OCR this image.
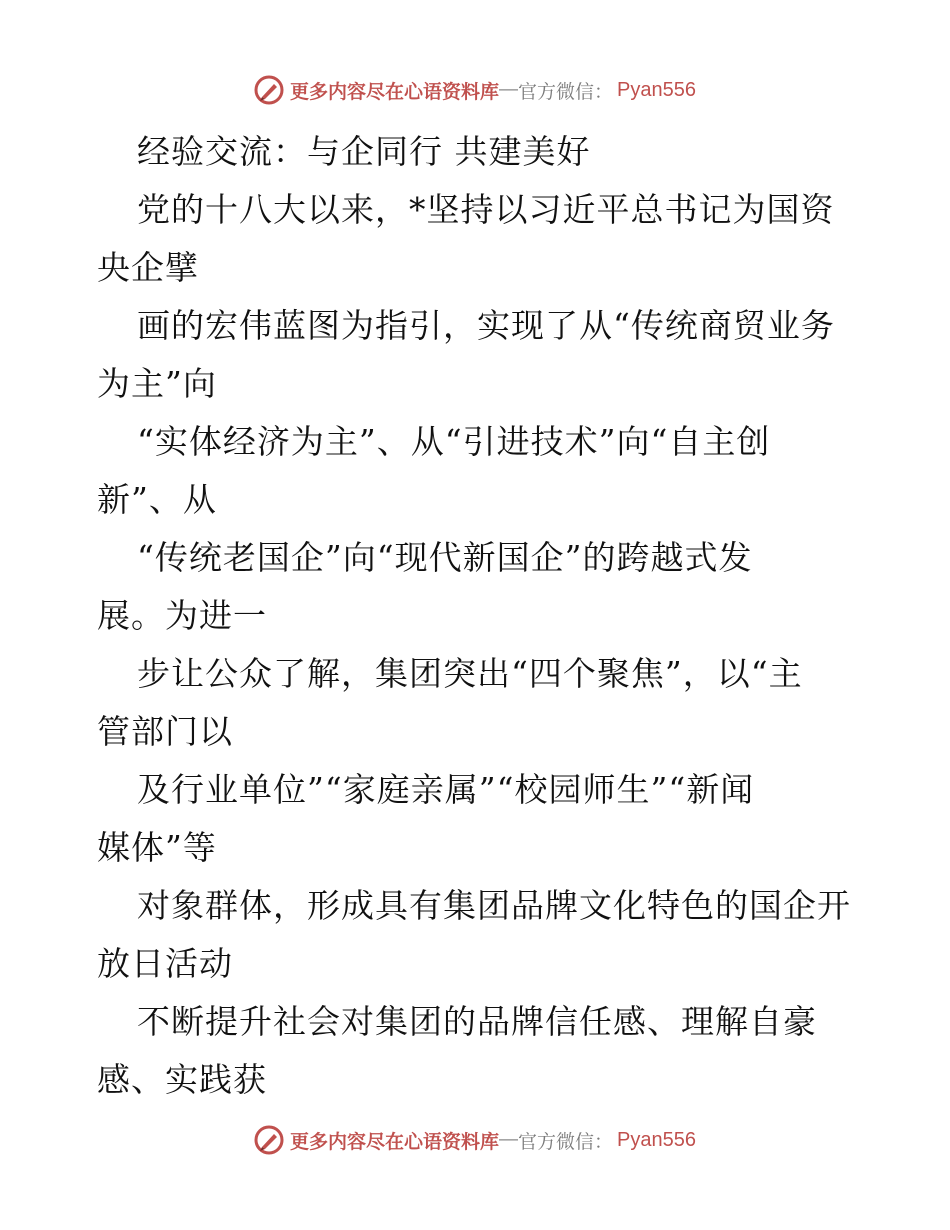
更多内容尽在心语资料库 — 官方微信： Pyan556
经验交流：与企同行 共建美好
党的十八大以来，*坚持以习近平总书记为国资
央企擘
画的宏伟蓝图为指引，实现了从“传统商贸业务
为主”向
“实体经济为主”、从“引进技术”向“自主创
新”、从
“传统老国企”向“现代新国企”的跨越式发
展。为进一
步让公众了解，集团突出“四个聚焦”，以“主
管部门以
及行业单位”“家庭亲属”“校园师生”“新闻
媒体”等
对象群体，形成具有集团品牌文化特色的国企开
放日活动
不断提升社会对集团的品牌信任感、理解自豪
感、实践获
更多内容尽在心语资料库 — 官方微信： Pyan556
